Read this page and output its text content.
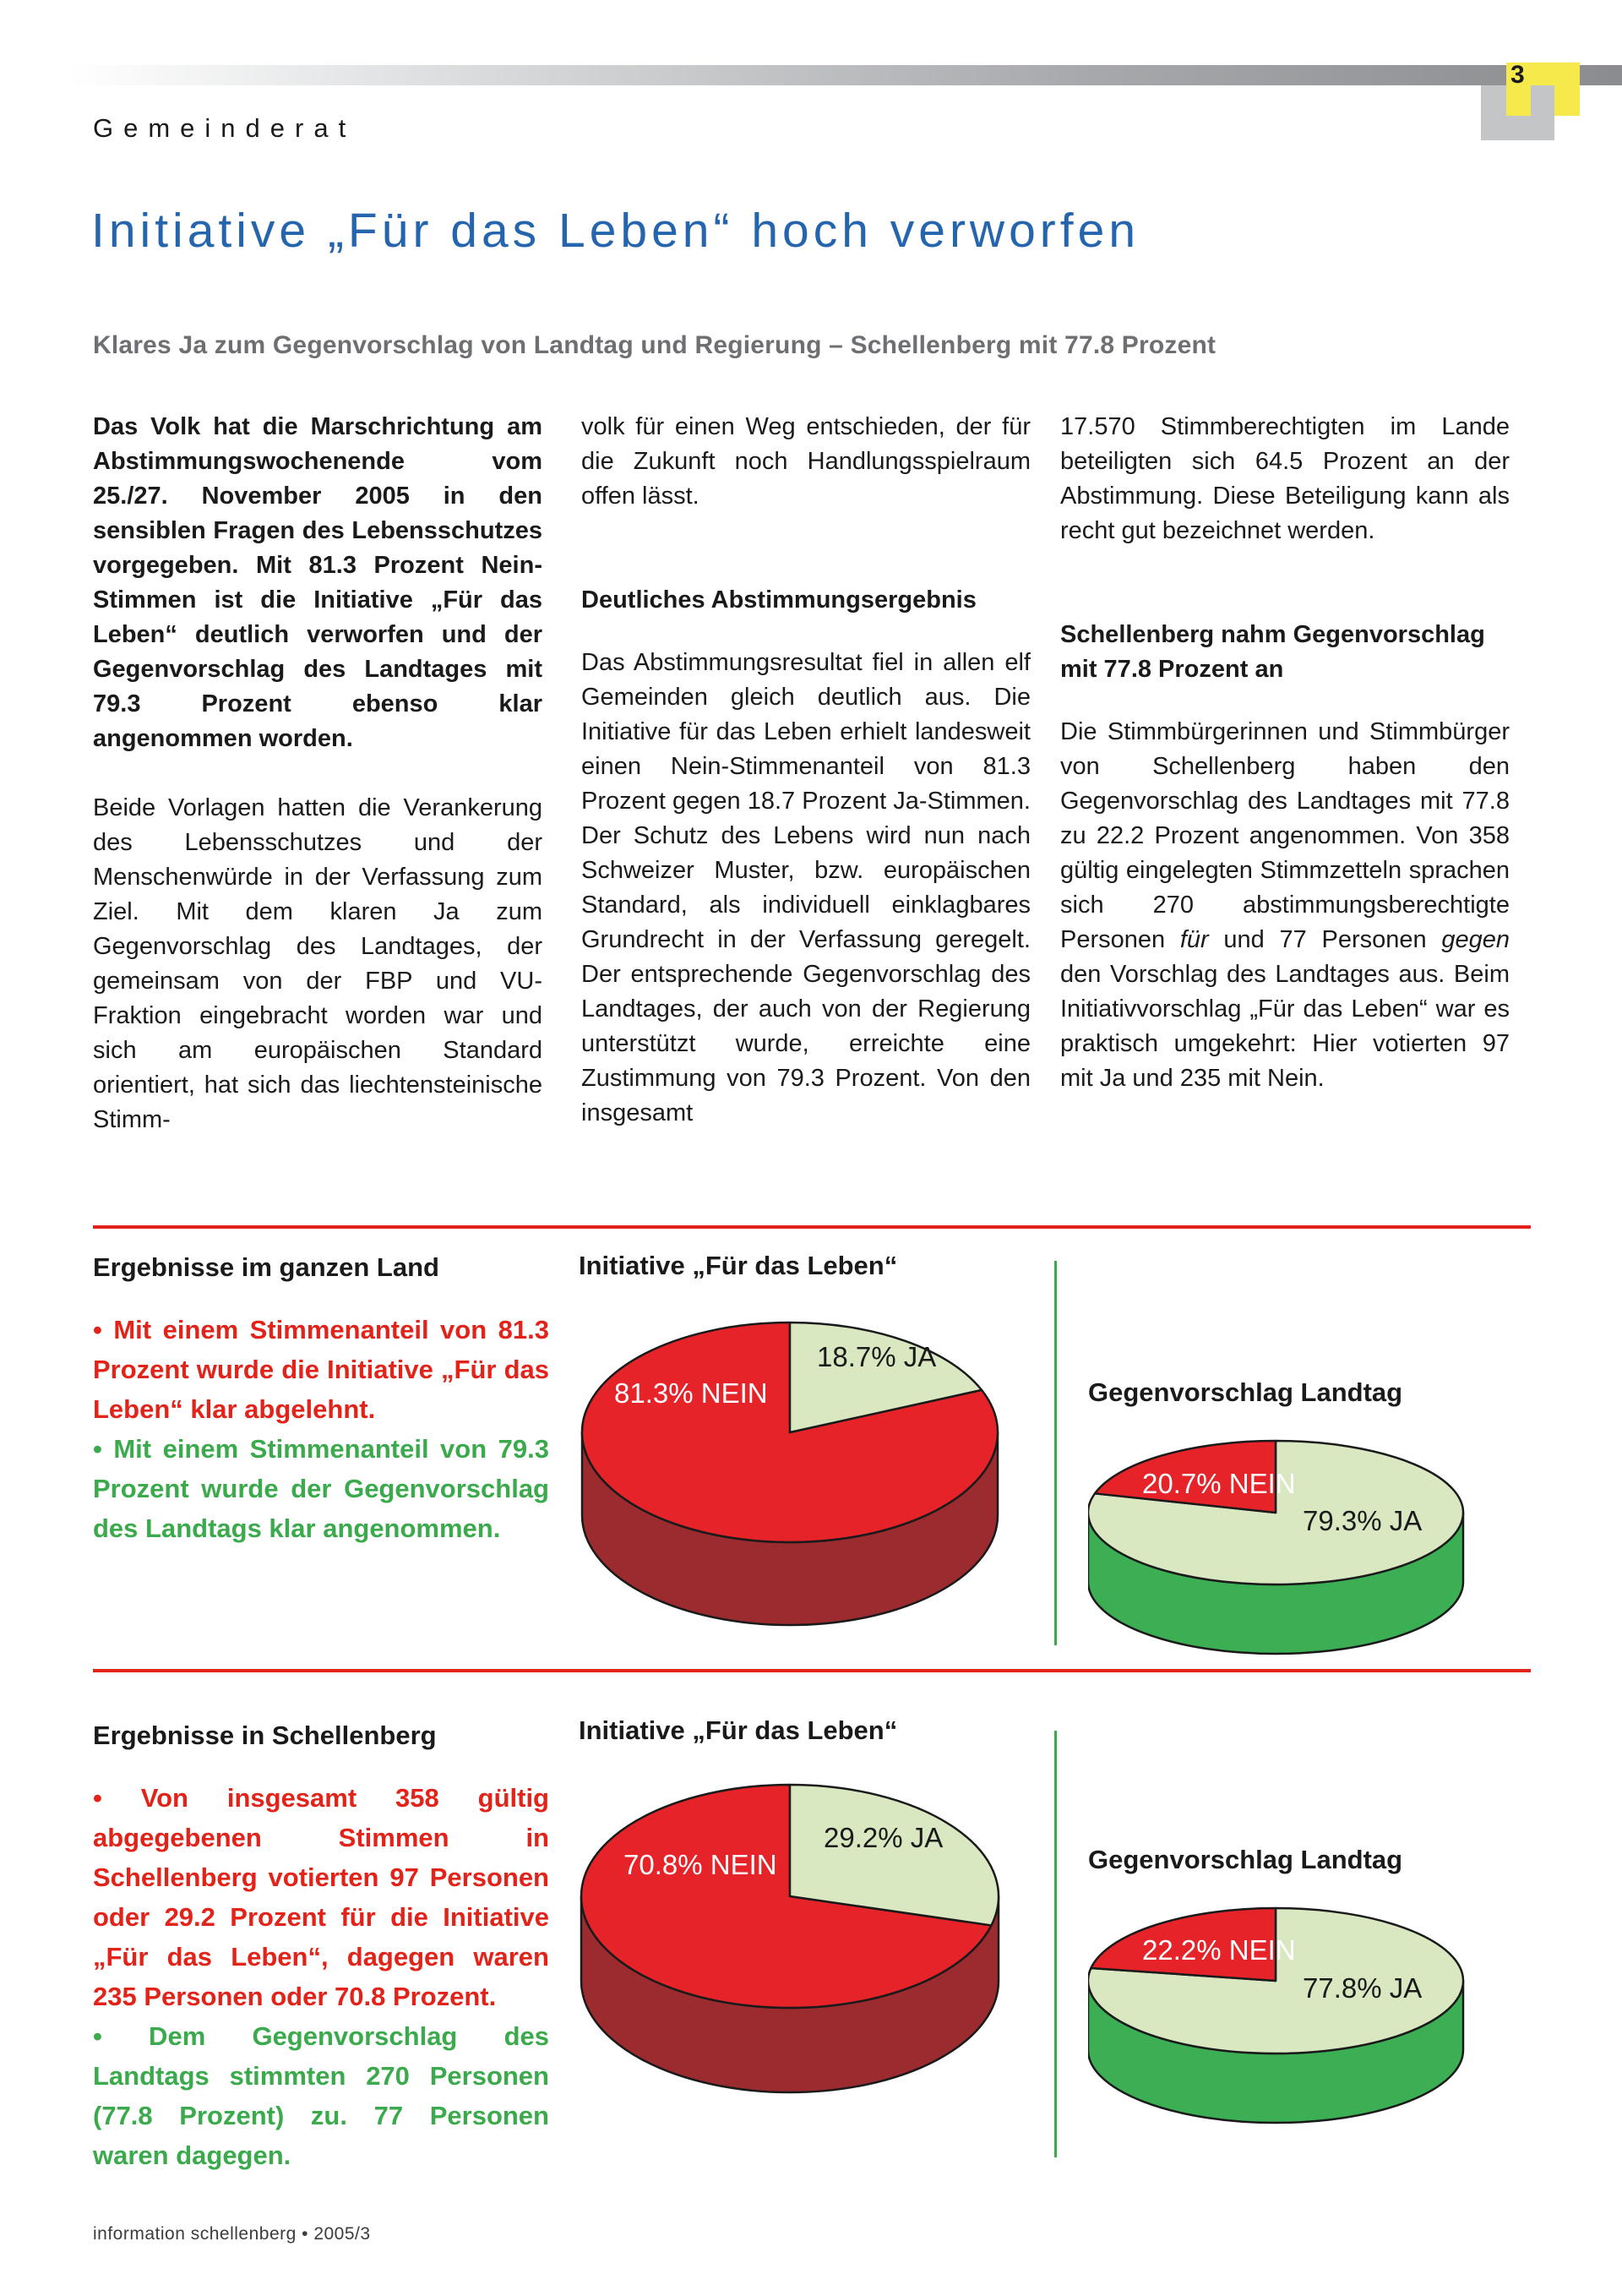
3
Gemeinderat
Initiative „Für das Leben“ hoch verworfen
Klares Ja zum Gegenvorschlag von Landtag und Regierung – Schellenberg mit 77.8 Prozent

Das Volk hat die Marschrichtung am Abstimmungswochenende vom 25./27. November 2005 in den sensiblen Fragen des Lebensschutzes vorgegeben. Mit 81.3 Prozent Nein-Stimmen ist die Initiative „Für das Leben“ deutlich verworfen und der Gegenvorschlag des Landtages mit 79.3 Prozent ebenso klar angenommen worden.

Beide Vorlagen hatten die Verankerung des Lebensschutzes und der Menschenwürde in der Verfassung zum Ziel. Mit dem klaren Ja zum Gegenvorschlag des Landtages, der gemeinsam von der FBP und VU-Fraktion eingebracht worden war und sich am europäischen Standard orientiert, hat sich das liechtensteinische Stimm-

volk für einen Weg entschieden, der für die Zukunft noch Handlungsspielraum offen lässt.

Deutliches Abstimmungsergebnis

Das Abstimmungsresultat fiel in allen elf Gemeinden gleich deutlich aus. Die Initiative für das Leben erhielt landesweit einen Nein-Stimmenanteil von 81.3 Prozent gegen 18.7 Prozent Ja-Stimmen. Der Schutz des Lebens wird nun nach Schweizer Muster, bzw. europäischen Standard, als individuell einklagbares Grundrecht in der Verfassung geregelt. Der entsprechende Gegenvorschlag des Landtages, der auch von der Regierung unterstützt wurde, erreichte eine Zustimmung von 79.3 Prozent. Von den insgesamt

17.570 Stimmberechtigten im Lande beteiligten sich 64.5 Prozent an der Abstimmung. Diese Beteiligung kann als recht gut bezeichnet werden.

Schellenberg nahm Gegenvorschlag mit 77.8 Prozent an

Die Stimmbürgerinnen und Stimmbürger von Schellenberg haben den Gegenvorschlag des Landtages mit 77.8 zu 22.2 Prozent angenommen. Von 358 gültig eingelegten Stimmzetteln sprachen sich 270 abstimmungsberechtigte Personen für und 77 Personen gegen den Vorschlag des Landtages aus. Beim Initiativvorschlag „Für das Leben“ war es praktisch umgekehrt: Hier votierten 97 mit Ja und 235 mit Nein.

Ergebnisse im ganzen Land

• Mit einem Stimmenanteil von 81.3 Prozent wurde die Initiative „Für das Leben“ klar abgelehnt.

• Mit einem Stimmenanteil von 79.3 Prozent wurde der Gegenvorschlag des Landtags klar angenommen.

Initiative „Für das Leben“
81.3% NEIN
18.7% JA
Gegenvorschlag Landtag
20.7% NEIN
79.3% JA
Ergebnisse in Schellenberg

• Von insgesamt 358 gültig abgegebenen Stimmen in Schellenberg votierten 97 Personen oder 29.2 Prozent für die Initiative „Für das Leben“, dagegen waren 235 Personen oder 70.8 Prozent.

• Dem Gegenvorschlag des Landtags stimmten 270 Personen (77.8 Prozent) zu. 77 Personen waren dagegen.

Initiative „Für das Leben“
70.8% NEIN
29.2% JA
Gegenvorschlag Landtag
22.2% NEIN
77.8% JA
information schellenberg • 2005/3
